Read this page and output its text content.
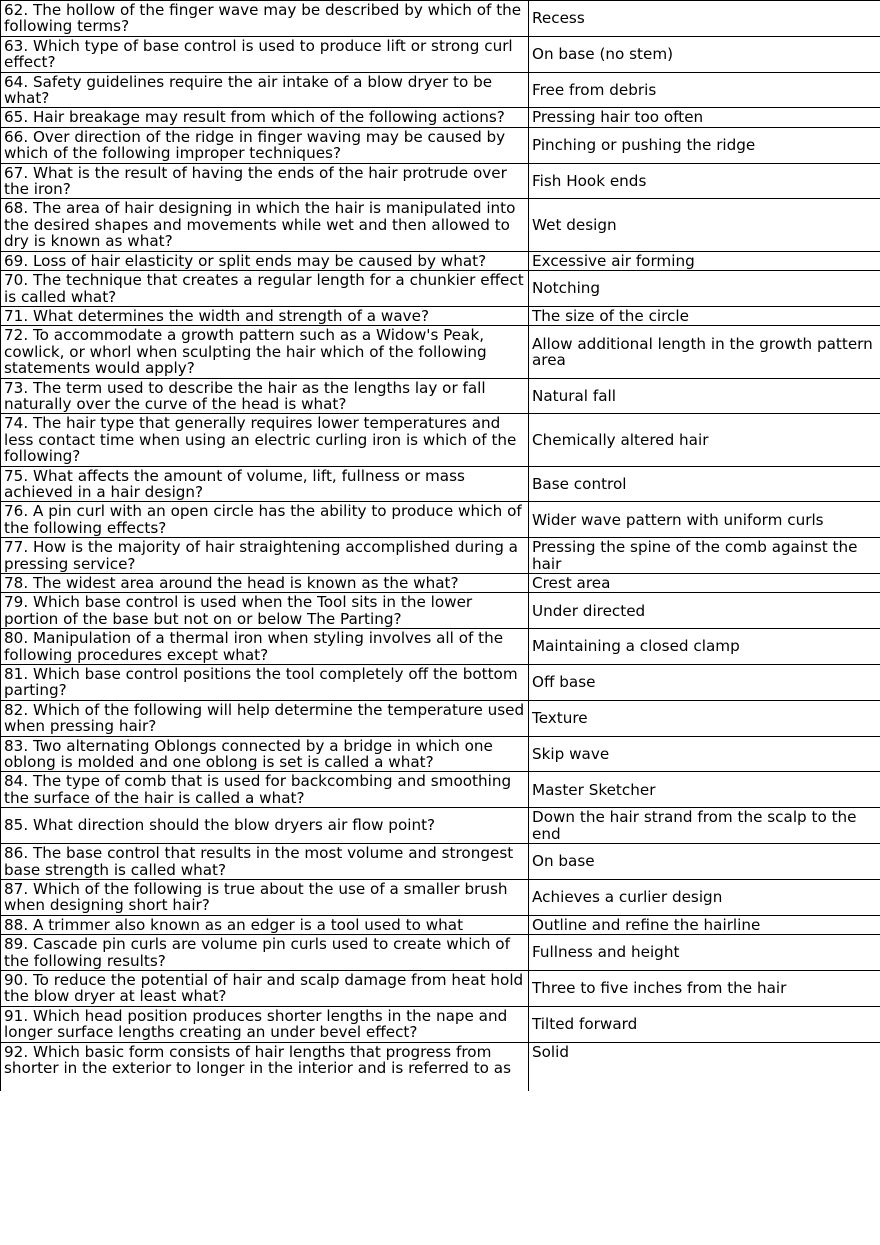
62. The hollow of the finger wave may be described by which of the following terms?	Recess
63. Which type of base control is used to produce lift or strong curl effect?	On base (no stem)
64. Safety guidelines require the air intake of a blow dryer to be what?	Free from debris
65. Hair breakage may result from which of the following actions?	Pressing hair too often
66. Over direction of the ridge in finger waving may be caused by which of the following improper techniques?	Pinching or pushing the ridge
67. What is the result of having the ends of the hair protrude over the iron?	Fish Hook ends
68. The area of hair designing in which the hair is manipulated into the desired shapes and movements while wet and then allowed to dry is known as what?	Wet design
69. Loss of hair elasticity or split ends may be caused by what?	Excessive air forming
70. The technique that creates a regular length for a chunkier effect is called what?	Notching
71. What determines the width and strength of a wave?	The size of the circle
72. To accommodate a growth pattern such as a Widow's Peak, cowlick, or whorl when sculpting the hair which of the following statements would apply?	Allow additional length in the growth pattern area
73. The term used to describe the hair as the lengths lay or fall naturally over the curve of the head is what?	Natural fall
74. The hair type that generally requires lower temperatures and less contact time when using an electric curling iron is which of the following?	Chemically altered hair
75. What affects the amount of volume, lift, fullness or mass achieved in a hair design?	Base control
76. A pin curl with an open circle has the ability to produce which of the following effects?	Wider wave pattern with uniform curls
77. How is the majority of hair straightening accomplished during a pressing service?	Pressing the spine of the comb against the hair
78. The widest area around the head is known as the what?	Crest area
79. Which base control is used when the Tool sits in the lower portion of the base but not on or below The Parting?	Under directed
80. Manipulation of a thermal iron when styling involves all of the following procedures except what?	Maintaining a closed clamp
81. Which base control positions the tool completely off the bottom parting?	Off base
82. Which of the following will help determine the temperature used when pressing hair?	Texture
83. Two alternating Oblongs connected by a bridge in which one oblong is molded and one oblong is set is called a what?	Skip wave
84. The type of comb that is used for backcombing and smoothing the surface of the hair is called a what?	Master Sketcher
85. What direction should the blow dryers air flow point?	Down the hair strand from the scalp to the end
86. The base control that results in the most volume and strongest base strength is called what?	On base
87. Which of the following is true about the use of a smaller brush when designing short hair?	Achieves a curlier design
88. A trimmer also known as an edger is a tool used to what	Outline and refine the hairline
89. Cascade pin curls are volume pin curls used to create which of the following results?	Fullness and height
90. To reduce the potential of hair and scalp damage from heat hold the blow dryer at least what?	Three to five inches from the hair
91. Which head position produces shorter lengths in the nape and longer surface lengths creating an under bevel effect?	Tilted forward
92. Which basic form consists of hair lengths that progress from shorter in the exterior to longer in the interior and is referred to as	Solid
